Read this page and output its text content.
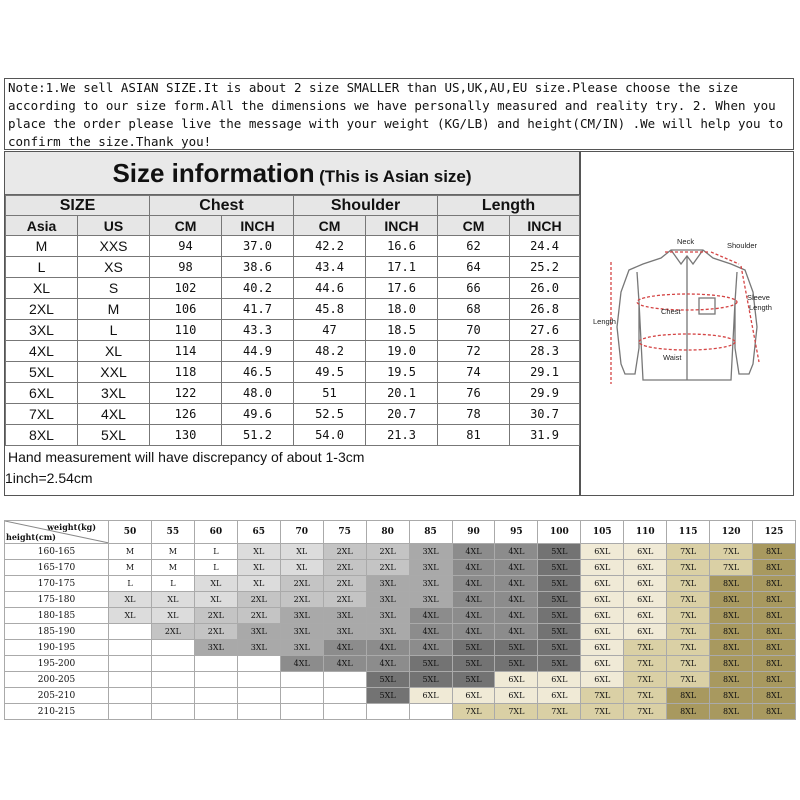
Note:1.We sell ASIAN SIZE.It is about 2 size SMALLER than US,UK,AU,EU size.Please choose the size according to our size form.All the dimensions we have personally measured and reality try. 2. When you place the order please live the message with your weight (KG/LB) and height(CM/IN) .We will help you to confirm the size.Thank you!
Size information (This is Asian size)
SIZE		Chest		Shoulder		Length	
Asia	US	CM	INCH	CM	INCH	CM	INCH
M	XXS	94	37.0	42.2	16.6	62	24.4
L	XS	98	38.6	43.4	17.1	64	25.2
XL	S	102	40.2	44.6	17.6	66	26.0
2XL	M	106	41.7	45.8	18.0	68	26.8
3XL	L	110	43.3	47	18.5	70	27.6
4XL	XL	114	44.9	48.2	19.0	72	28.3
5XL	XXL	118	46.5	49.5	19.5	74	29.1
6XL	3XL	122	48.0	51	20.1	76	29.9
7XL	4XL	126	49.6	52.5	20.7	78	30.7
8XL	5XL	130	51.2	54.0	21.3	81	31.9
Hand measurement will have discrepancy of about 1-3cm
1inch=2.54cm
Neck	Shoulder
Sleeve
Length
Length
Chest
Waist
weight(kg)
height(cm)	50	55	60	65	70	75	80	85	90	95	100	105	110	115	120	125
160-165	M	M	L	XL	XL	2XL	2XL	3XL	4XL	4XL	5XL	6XL	6XL	7XL	7XL	8XL
165-170	M	M	L	XL	XL	2XL	2XL	3XL	4XL	4XL	5XL	6XL	6XL	7XL	7XL	8XL
170-175	L	L	XL	XL	2XL	2XL	3XL	3XL	4XL	4XL	5XL	6XL	6XL	7XL	8XL	8XL
175-180	XL	XL	XL	2XL	2XL	2XL	3XL	3XL	4XL	4XL	5XL	6XL	6XL	7XL	8XL	8XL
180-185	XL	XL	2XL	2XL	3XL	3XL	3XL	4XL	4XL	4XL	5XL	6XL	6XL	7XL	8XL	8XL
185-190		2XL	2XL	3XL	3XL	3XL	3XL	4XL	4XL	4XL	5XL	6XL	6XL	7XL	8XL	8XL
190-195			3XL	3XL	3XL	4XL	4XL	4XL	5XL	5XL	5XL	6XL	7XL	7XL	8XL	8XL
195-200					4XL	4XL	4XL	5XL	5XL	5XL	5XL	6XL	7XL	7XL	8XL	8XL
200-205							5XL	5XL	5XL	6XL	6XL	6XL	7XL	7XL	8XL	8XL
205-210							5XL	6XL	6XL	6XL	6XL	7XL	7XL	8XL	8XL	8XL
210-215									7XL	7XL	7XL	7XL	7XL	8XL	8XL	8XL
